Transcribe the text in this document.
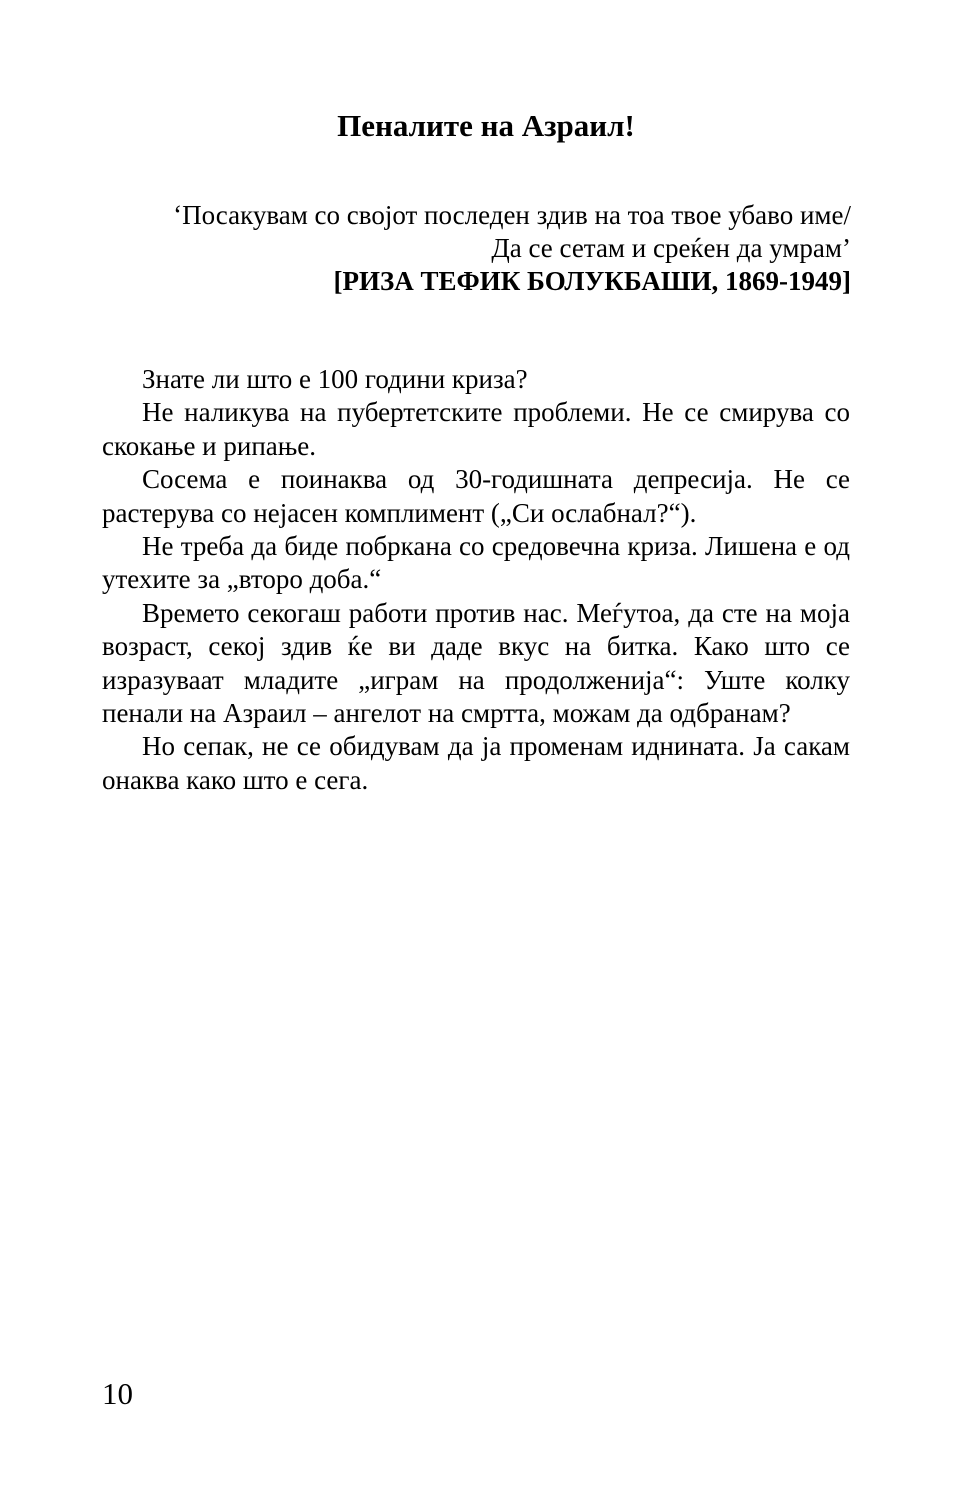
Пеналите на Азраил!
‘Посакувам со својот последен здив на тоа твое убаво име/
Да се сетам и среќен да умрам’
[РИЗА ТЕФИК БОЛУКБАШИ, 1869-1949]

Знате ли што е 100 години криза?

Не наликува на пубертетските проблеми. Не се смирува со скокање и рипање.

Сосема е поинаква од 30-годишната депресија. Не се растерува со нејасен комплимент („Си ослабнал?“).

Не треба да биде побркана со средовечна криза. Лишена е од утехите за „второ доба.“

Времето секогаш работи против нас. Меѓутоа, да сте на моја возраст, секој здив ќе ви даде вкус на битка. Како што се изразуваат младите „играм на продолженија“: Уште колку пенали на Азраил – ангелот на смртта, можам да одбранам?

Но сепак, не се обидувам да ја променам иднината. Ја сакам онаква како што е сега.

10
